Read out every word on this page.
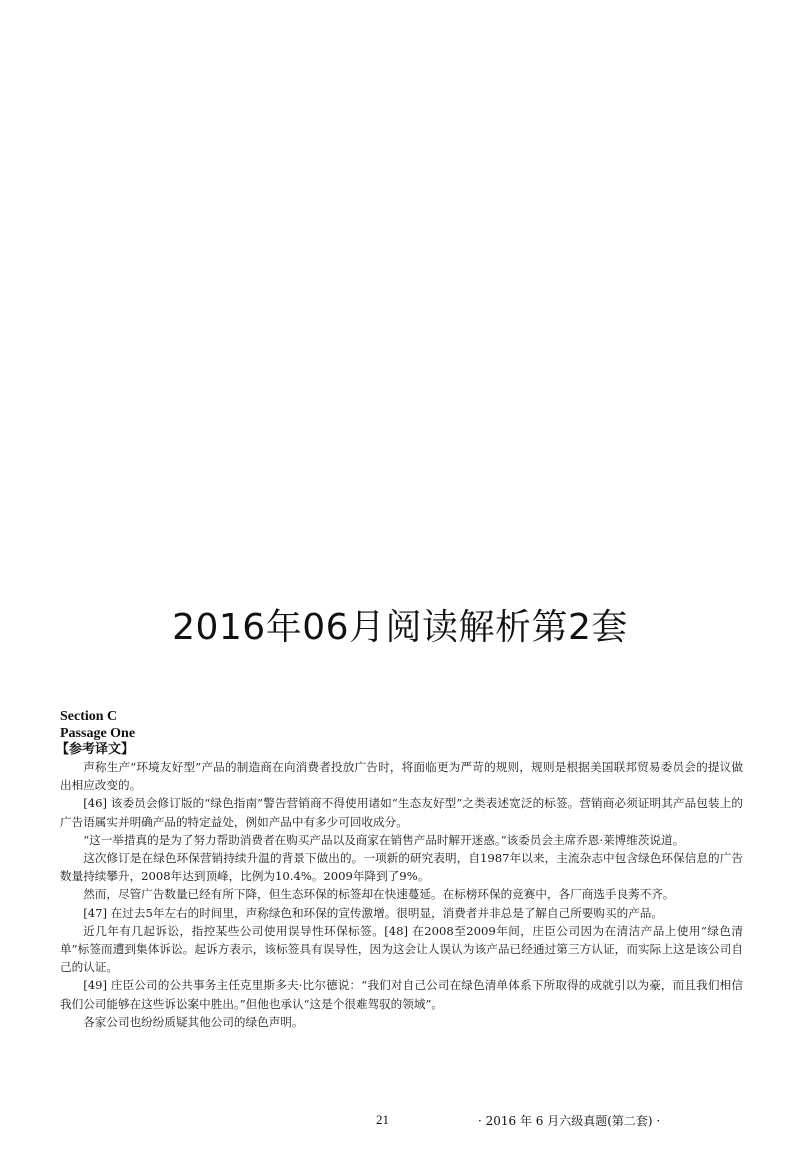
2016年06月阅读解析第2套
Section C
Passage One
【参考译文】

声称生产“环境友好型”产品的制造商在向消费者投放广告时，将面临更为严苛的规则，规则是根据美国联邦贸易委员会的提议做出相应改变的。

[46] 该委员会修订版的“绿色指南”警告营销商不得使用诸如“生态友好型”之类表述宽泛的标签。营销商必须证明其产品包装上的广告语属实并明确产品的特定益处，例如产品中有多少可回收成分。

“这一举措真的是为了努力帮助消费者在购买产品以及商家在销售产品时解开迷惑。”该委员会主席乔恩·莱博维茨说道。

这次修订是在绿色环保营销持续升温的背景下做出的。一项新的研究表明，自1987年以来，主流杂志中包含绿色环保信息的广告数量持续攀升，2008年达到顶峰，比例为10.4%。2009年降到了9%。

然而，尽管广告数量已经有所下降，但生态环保的标签却在快速蔓延。在标榜环保的竞赛中，各厂商选手良莠不齐。

[47] 在过去5年左右的时间里，声称绿色和环保的宣传激增。很明显，消费者并非总是了解自己所要购买的产品。

近几年有几起诉讼，指控某些公司使用误导性环保标签。[48] 在2008至2009年间，庄臣公司因为在清洁产品上使用“绿色清单”标签而遭到集体诉讼。起诉方表示，该标签具有误导性，因为这会让人误认为该产品已经通过第三方认证，而实际上这是该公司自己的认证。

[49] 庄臣公司的公共事务主任克里斯多夫·比尔德说：“我们对自己公司在绿色清单体系下所取得的成就引以为豪，而且我们相信我们公司能够在这些诉讼案中胜出。”但他也承认“这是个很难驾驭的领域”。

各家公司也纷纷质疑其他公司的绿色声明。

21	· 2016 年 6 月六级真题(第二套) ·
